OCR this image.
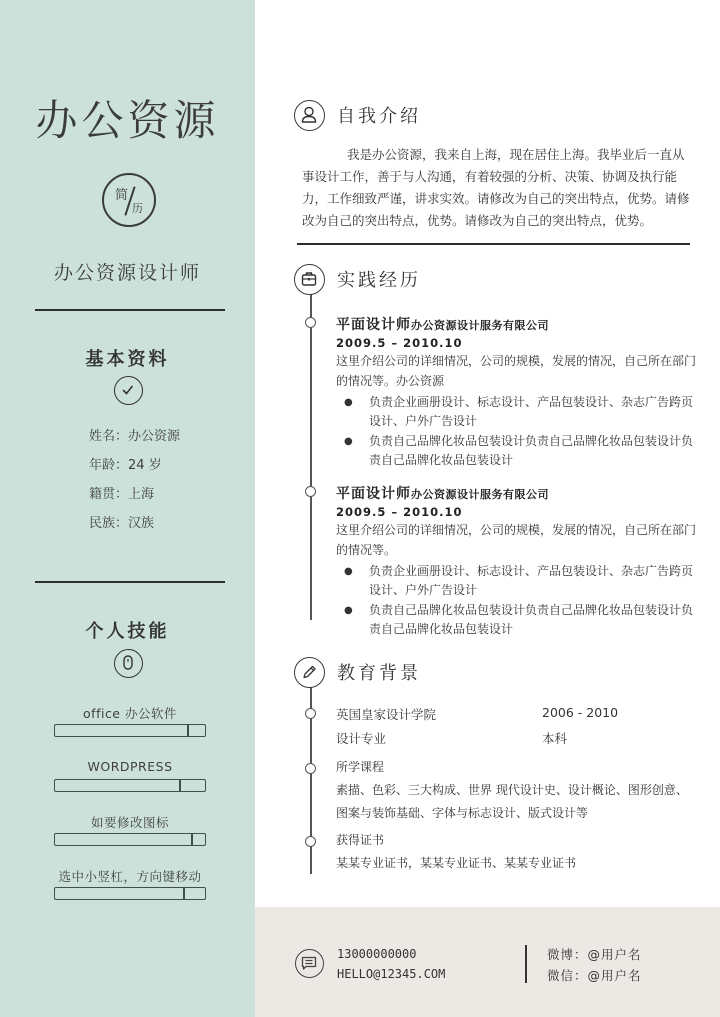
办公资源
简
历
办公资源设计师
基本资料
姓名：办公资源
年龄：24 岁
籍贯：上海
民族：汉族
个人技能
office 办公软件
WORDPRESS
如要修改图标
选中小竖杠，方向键移动
自我介绍

我是办公资源，我来自上海，现在居住上海。我毕业后一直从事设计工作，善于与人沟通，有着较强的分析、决策、协调及执行能力，工作细致严谨，讲求实效。请修改为自己的突出特点，优势。请修改为自己的突出特点，优势。请修改为自己的突出特点，优势。

实践经历
平面设计师办公资源设计服务有限公司
2009.5 – 2010.10
这里介绍公司的详细情况，公司的规模，发展的情况，自己所在部门的情况等。办公资源
● 负责企业画册设计、标志设计、产品包装设计、杂志广告跨页设计、户外广告设计
● 负责自己品牌化妆品包装设计负责自己品牌化妆品包装设计负责自己品牌化妆品包装设计
平面设计师办公资源设计服务有限公司
2009.5 – 2010.10
这里介绍公司的详细情况，公司的规模，发展的情况，自己所在部门的情况等。
● 负责企业画册设计、标志设计、产品包装设计、杂志广告跨页设计、户外广告设计
● 负责自己品牌化妆品包装设计负责自己品牌化妆品包装设计负责自己品牌化妆品包装设计
教育背景
英国皇家设计学院	2006 - 2010
设计专业	本科
所学课程
素描、色彩、三大构成、世界 现代设计史、设计概论、图形创意、图案与装饰基础、字体与标志设计、版式设计等
获得证书
某某专业证书，某某专业证书、某某专业证书
13000000000
HELLO@12345.COM
微博：@用户名
微信：@用户名
